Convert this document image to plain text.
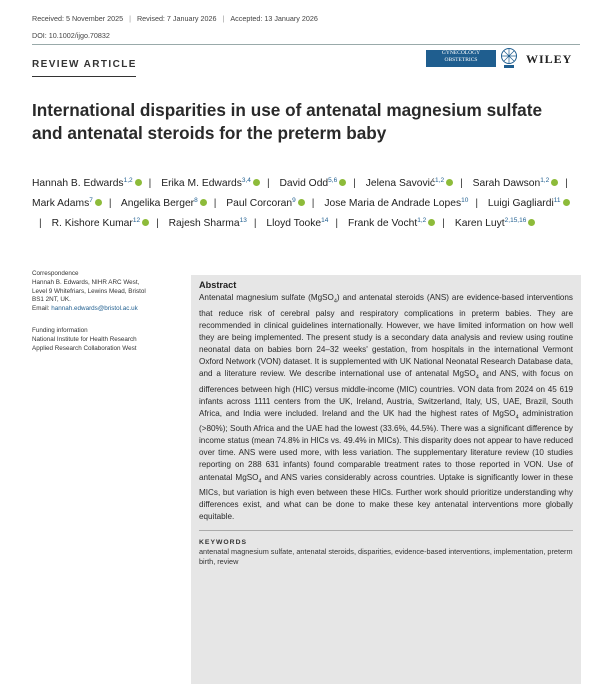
Received: 5 November 2025 | Revised: 7 January 2026 | Accepted: 13 January 2026
DOI: 10.1002/ijgo.70832
REVIEW ARTICLE
GYNECOLOGY
OBSTETRICS	WILEY
International disparities in use of antenatal magnesium sulfate and antenatal steroids for the preterm baby
Hannah B. Edwards$^{1,2}$ | Erika M. Edwards$^{3,4}$ | David Odd$^{5,6}$ | Jelena Savović$^{1,2}$ | Sarah Dawson$^{1,2}$ | Mark Adams$^7$ | Angelika Berger$^8$ | Paul Corcoran$^9$ | Jose Maria de Andrade Lopes$^{10}$ | Luigi Gagliardi$^{11}$| R. Kishore Kumar$^{12}$ | Rajesh Sharma$^{13}$ | Lloyd Tooke$^{14}$ | Frank de Vocht$^{1,2}$ | Karen Luyt$^{2,15,16}$
Correspondence
Hannah B. Edwards, NIHR ARC West,
Level 9 Whitefriars, Lewins Mead, Bristol
BS1 2NT, UK.
Email: hannah.edwards@bristol.ac.uk
Funding information
National Institute for Health Research
Applied Research Collaboration West
Abstract

Antenatal magnesium sulfate (MgSO$_4$) and antenatal steroids (ANS) are evidence-based interventions that reduce risk of cerebral palsy and respiratory complications in preterm babies. They are recommended in clinical guidelines internationally. However, we have limited information on how well they are being implemented. The present study is a secondary data analysis and review using routine neonatal data on babies born 24–32 weeks' gestation, from hospitals in the international Vermont Oxford Network (VON) dataset. It is supplemented with UK National Neonatal Research Database data, and a literature review. We describe international use of antenatal MgSO$_4$ and ANS, with focus on differences between high (HIC) versus middle-income (MIC) countries. VON data from 2024 on 45 619 infants across 1111 centers from the UK, Ireland, Austria, Switzerland, Italy, US, UAE, Brazil, South Africa, and India were included. Ireland and the UK had the highest rates of MgSO$_4$ administration (>80%); South Africa and the UAE had the lowest (33.6%, 44.5%). There was a significant difference by income status (mean 74.8% in HICs vs. 49.4% in MICs). This disparity does not appear to have reduced over time. ANS were used more, with less variation. The supplementary literature review (10 studies reporting on 288 631 infants) found comparable treatment rates to those reported in VON. Use of antenatal MgSO$_4$ and ANS varies considerably across countries. Uptake is significantly lower in these MICs, but variation is high even between these HICs. Further work should prioritize understanding why differences exist, and what can be done to make these key antenatal interventions more globally equitable.

KEYWORDS
antenatal magnesium sulfate, antenatal steroids, disparities, evidence-based interventions, implementation, preterm birth, review
